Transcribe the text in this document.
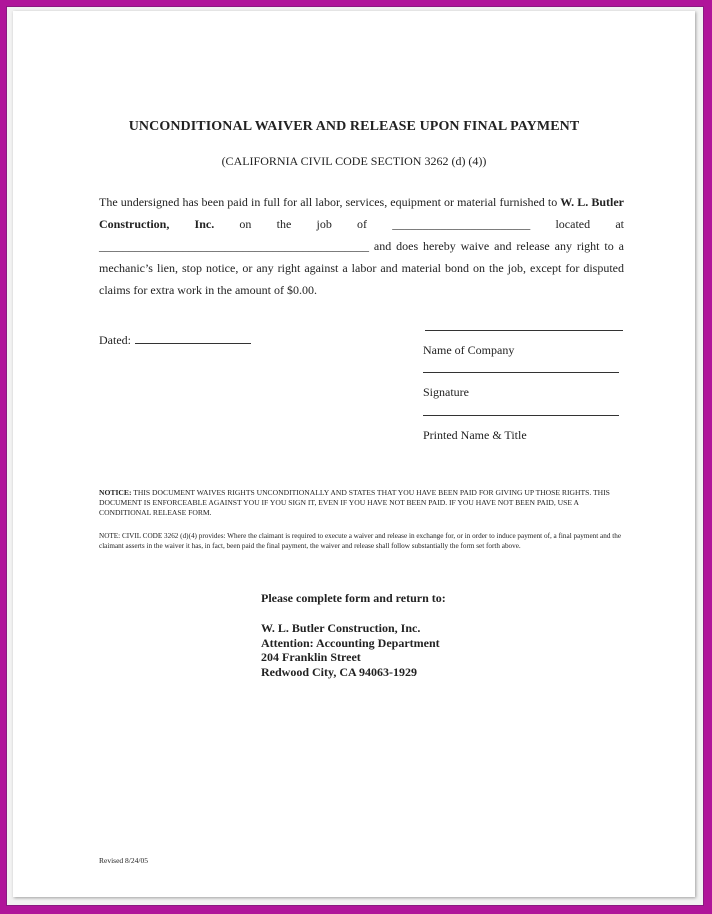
UNCONDITIONAL WAIVER AND RELEASE UPON FINAL PAYMENT
(CALIFORNIA CIVIL CODE SECTION 3262 (d) (4))

The undersigned has been paid in full for all labor, services, equipment or material furnished to W. L. Butler Construction, Inc. on the job of _______________________ located at _____________________________________________ and does hereby waive and release any right to a mechanic’s lien, stop notice, or any right against a labor and material bond on the job, except for disputed claims for extra work in the amount of $0.00.

Dated:
Name of Company
Signature
Printed Name & Title

NOTICE: THIS DOCUMENT WAIVES RIGHTS UNCONDITIONALLY AND STATES THAT YOU HAVE BEEN PAID FOR GIVING UP THOSE RIGHTS. THIS DOCUMENT IS ENFORCEABLE AGAINST YOU IF YOU SIGN IT, EVEN IF YOU HAVE NOT BEEN PAID. IF YOU HAVE NOT BEEN PAID, USE A CONDITIONAL RELEASE FORM.

NOTE: CIVIL CODE 3262 (d)(4) provides: Where the claimant is required to execute a waiver and release in exchange for, or in order to induce payment of, a final payment and the claimant asserts in the waiver it has, in fact, been paid the final payment, the waiver and release shall follow substantially the form set forth above.

Please complete form and return to:
W. L. Butler Construction, Inc.
Attention: Accounting Department
204 Franklin Street
Redwood City, CA 94063-1929
Revised 8/24/05
